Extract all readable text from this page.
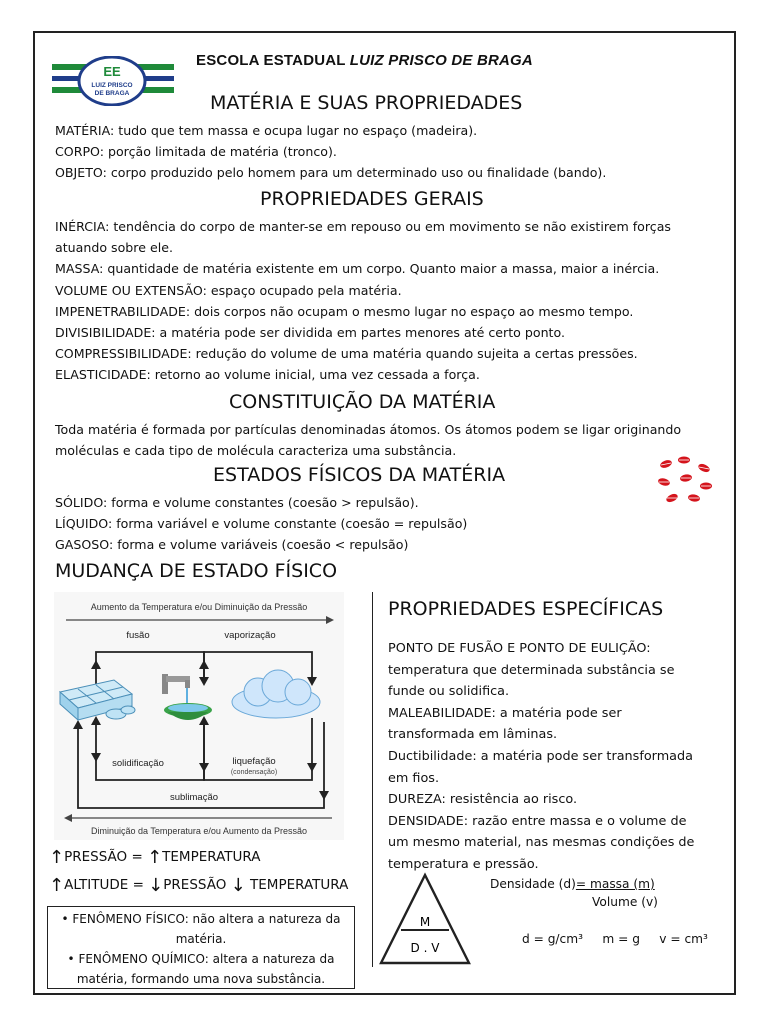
EE
LUIZ PRISCO
DE BRAGA
ESCOLA ESTADUAL LUIZ PRISCO DE BRAGA
MATÉRIA E SUAS PROPRIEDADES

MATÉRIA: tudo que tem massa e ocupa lugar no espaço (madeira).

CORPO: porção limitada de matéria (tronco).

OBJETO: corpo produzido pelo homem para um determinado uso ou finalidade (bando).

PROPRIEDADES GERAIS

INÉRCIA: tendência do corpo de manter-se em repouso ou em movimento se não existirem forças

atuando sobre ele.

MASSA: quantidade de matéria existente em um corpo. Quanto maior a massa, maior a inércia.

VOLUME OU EXTENSÃO: espaço ocupado pela matéria.

IMPENETRABILIDADE: dois corpos não ocupam o mesmo lugar no espaço ao mesmo tempo.

DIVISIBILIDADE: a matéria pode ser dividida em partes menores até certo ponto.

COMPRESSIBILIDADE: redução do volume de uma matéria quando sujeita a certas pressões.

ELASTICIDADE: retorno ao volume inicial, uma vez cessada a força.

CONSTITUIÇÃO DA MATÉRIA

Toda matéria é formada por partículas denominadas átomos. Os átomos podem se ligar originando

moléculas e cada tipo de molécula caracteriza uma substância.

ESTADOS FÍSICOS DA MATÉRIA

SÓLIDO: forma e volume constantes (coesão > repulsão).

LÍQUIDO: forma variável e volume constante (coesão = repulsão)

GASOSO: forma e volume variáveis (coesão < repulsão)

MUDANÇA DE ESTADO FÍSICO
Aumento da Temperatura e/ou Diminuição da Pressão
fusão	vaporização
solidificação	liquefação
(condensação)
sublimação
Diminuição da Temperatura e/ou Aumento da Pressão
↑PRESSÃO = ↑TEMPERATURA
↑ALTITUDE = ↓PRESSÃO ↓ TEMPERATURA
• FENÔMENO FÍSICO: não altera a natureza da
matéria.
• FENÔMENO QUÍMICO: altera a natureza da
matéria, formando uma nova substância.
PROPRIEDADES ESPECÍFICAS

PONTO DE FUSÃO E PONTO DE EULIÇÃO:

temperatura que determinada substância se

funde ou solidifica.

MALEABILIDADE: a matéria pode ser

transformada em lâminas.

Ductibilidade: a matéria pode ser transformada

em fios.

DUREZA: resistência ao risco.

DENSIDADE: razão entre massa e o volume de

um mesmo material, nas mesmas condições de

temperatura e pressão.

M
D . V
Densidade (d)= massa (m)
Volume (v)
d = g/cm³     m = g     v = cm³
